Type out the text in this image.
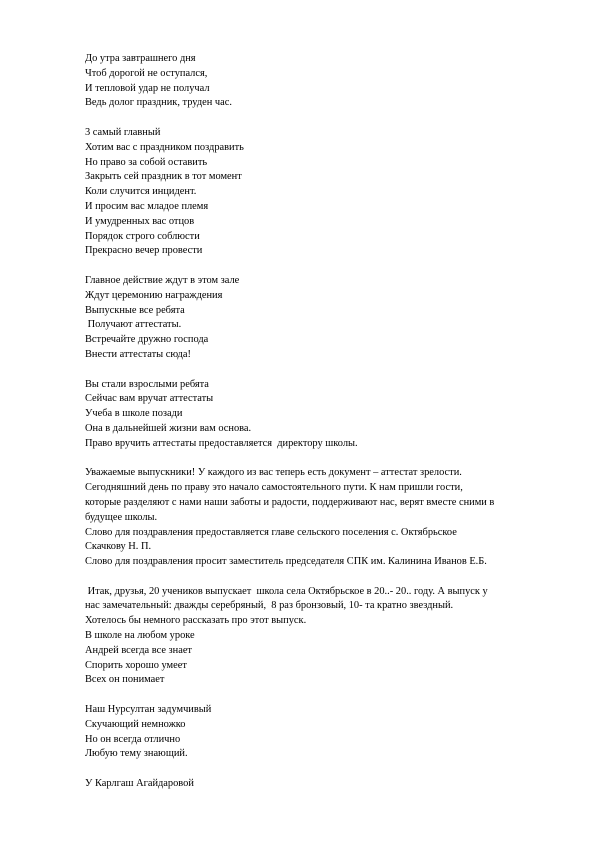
До утра завтрашнего дня
Чтоб дорогой не оступался,
И тепловой удар не получал
Ведь долог праздник, труден час.
3 самый главный
Хотим вас с праздником поздравить
Но право за собой оставить
Закрыть сей праздник в тот момент
Коли случится инцидент.
И просим вас младое племя
И умудренных вас отцов
Порядок строго соблюсти
Прекрасно вечер провести
Главное действие ждут в этом зале
Ждут церемонию награждения
Выпускные все ребята
Получают аттестаты.
Встречайте дружно господа
Внести аттестаты сюда!
Вы стали взрослыми ребята
Сейчас вам вручат аттестаты
Учеба в школе позади
Она в дальнейшей жизни вам основа.
Право вручить аттестаты предоставляется  директору школы.
Уважаемые выпускники! У каждого из вас теперь есть документ – аттестат зрелости.
Сегодняшний день по праву это начало самостоятельного пути. К нам пришли гости,
которые разделяют с нами наши заботы и радости, поддерживают нас, верят вместе сними в
будущее школы.
Слово для поздравления предоставляется главе сельского поселения с. Октябрьское
Скачкову Н. П.
Слово для поздравления просит заместитель председателя СПК им. Калинина Иванов Е.Б.
Итак, друзья, 20 учеников выпускает  школа села Октябрьское в 20..- 20.. году. А выпуск у
нас замечательный: дважды серебряный,  8 раз бронзовый, 10- та кратно звездный.
Хотелось бы немного рассказать про этот выпуск.
В школе на любом уроке
Андрей всегда все знает
Спорить хорошо умеет
Всех он понимает
Наш Нурсултан задумчивый
Скучающий немножко
Но он всегда отлично
Любую тему знающий.
У Карлгаш Агайдаровой
